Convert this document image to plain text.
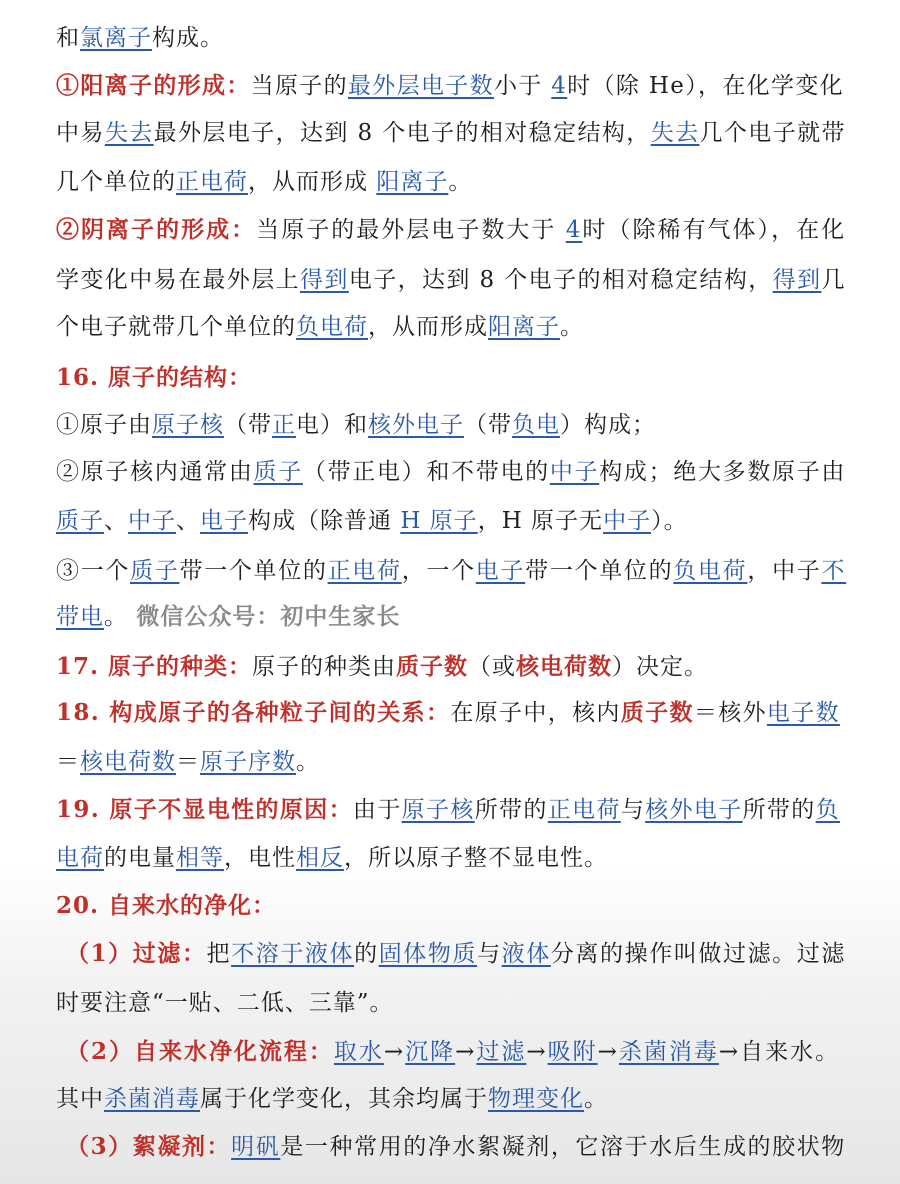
和氯离子构成。
①阳离子的形成：当原子的最外层电子数小于 4时（除 He），在化学变化
中易失去最外层电子，达到 8 个电子的相对稳定结构，失去几个电子就带
几个单位的正电荷，从而形成 阳离子。
②阴离子的形成：当原子的最外层电子数大于 4时（除稀有气体），在化
学变化中易在最外层上得到电子，达到 8 个电子的相对稳定结构，得到几
个电子就带几个单位的负电荷，从而形成阳离子。
16. 原子的结构：
①原子由原子核（带正电）和核外电子（带负电）构成；
②原子核内通常由质子（带正电）和不带电的中子构成；绝大多数原子由
质子、中子、电子构成（除普通 H 原子，H 原子无中子）。
③一个质子带一个单位的正电荷，一个电子带一个单位的负电荷，中子不
带电。 微信公众号：初中生家长
17. 原子的种类：原子的种类由质子数（或核电荷数）决定。
18. 构成原子的各种粒子间的关系：在原子中，核内质子数＝核外电子数
＝核电荷数＝原子序数。
19. 原子不显电性的原因：由于原子核所带的正电荷与核外电子所带的负
电荷的电量相等，电性相反，所以原子整不显电性。
20. 自来水的净化：
（1）过滤：把不溶于液体的固体物质与液体分离的操作叫做过滤。过滤
时要注意“一贴、二低、三靠”。
（2）自来水净化流程：取水→沉降→过滤→吸附→杀菌消毒→自来水。
其中杀菌消毒属于化学变化，其余均属于物理变化。
（3）絮凝剂：明矾是一种常用的净水絮凝剂，它溶于水后生成的胶状物
